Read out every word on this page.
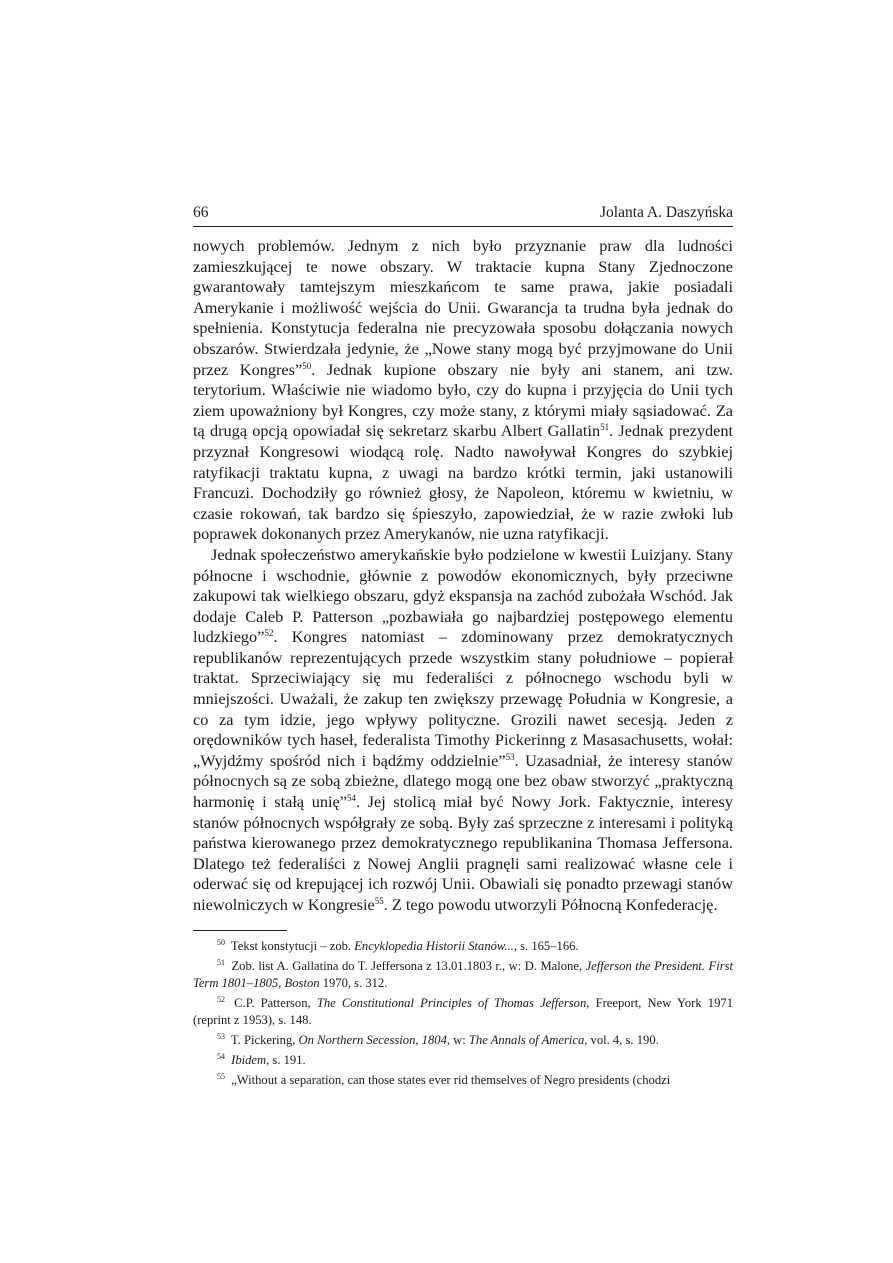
66	Jolanta A. Daszyńska

nowych problemów. Jednym z nich było przyznanie praw dla ludności zamieszkującej te nowe obszary. W traktacie kupna Stany Zjednoczone gwarantowały tamtejszym mieszkańcom te same prawa, jakie posiadali Amerykanie i możliwość wejścia do Unii. Gwarancja ta trudna była jednak do spełnienia. Konstytucja federalna nie precyzowała sposobu dołączania nowych obszarów. Stwierdzała jedynie, że „Nowe stany mogą być przyjmowane do Unii przez Kongres”$^{50}$. Jednak kupione obszary nie były ani stanem, ani tzw. terytorium. Właściwie nie wiadomo było, czy do kupna i przyjęcia do Unii tych ziem upoważniony był Kongres, czy może stany, z którymi miały sąsiadować. Za tą drugą opcją opowiadał się sekretarz skarbu Albert Gallatin$^{51}$. Jednak prezydent przyznał Kongresowi wiodącą rolę. Nadto nawoływał Kongres do szybkiej ratyfikacji traktatu kupna, z uwagi na bardzo krótki termin, jaki ustanowili Francuzi. Dochodziły go również głosy, że Napoleon, któremu w kwietniu, w czasie rokowań, tak bardzo się śpieszyło, zapowiedział, że w razie zwłoki lub poprawek dokonanych przez Amerykanów, nie uzna ratyfikacji.

Jednak społeczeństwo amerykańskie było podzielone w kwestii Luizjany. Stany północne i wschodnie, głównie z powodów ekonomicznych, były przeciwne zakupowi tak wielkiego obszaru, gdyż ekspansja na zachód zubożała Wschód. Jak dodaje Caleb P. Patterson „pozbawiała go najbardziej postępowego elementu ludzkiego”$^{52}$. Kongres natomiast – zdominowany przez demokratycznych republikanów reprezentujących przede wszystkim stany południowe – popierał traktat. Sprzeciwiający się mu federaliści z północnego wschodu byli w mniejszości. Uważali, że zakup ten zwiększy przewagę Południa w Kongresie, a co za tym idzie, jego wpływy polityczne. Grozili nawet secesją. Jeden z orędowników tych haseł, federalista Timothy Pickerinng z Masasachusetts, wołał: „Wyjdźmy spośród nich i bądźmy oddzielnie”$^{53}$. Uzasadniał, że interesy stanów północnych są ze sobą zbieżne, dlatego mogą one bez obaw stworzyć „praktyczną harmonię i stałą unię”$^{54}$. Jej stolicą miał być Nowy Jork. Faktycznie, interesy stanów północnych współgrały ze sobą. Były zaś sprzeczne z interesami i polityką państwa kierowanego przez demokratycznego republikanina Thomasa Jeffersona. Dlatego też federaliści z Nowej Anglii pragnęli sami realizować własne cele i oderwać się od krepującej ich rozwój Unii. Obawiali się ponadto przewagi stanów niewolniczych w Kongresie$^{55}$. Z tego powodu utworzyli Północną Konfederację.

$^{50}$ Tekst konstytucji – zob. Encyklopedia Historii Stanów..., s. 165–166.

$^{51}$ Zob. list A. Gallatina do T. Jeffersona z 13.01.1803 r., w: D. Malone, Jefferson the President. First Term 1801–1805, Boston 1970, s. 312.

$^{52}$ C.P. Patterson, The Constitutional Principles of Thomas Jefferson, Freeport, New York 1971 (reprint z 1953), s. 148.

$^{53}$ T. Pickering, On Northern Secession, 1804, w: The Annals of America, vol. 4, s. 190.

$^{54}$ Ibidem, s. 191.

$^{55}$ „Without a separation, can those states ever rid themselves of Negro presidents (chodzi
